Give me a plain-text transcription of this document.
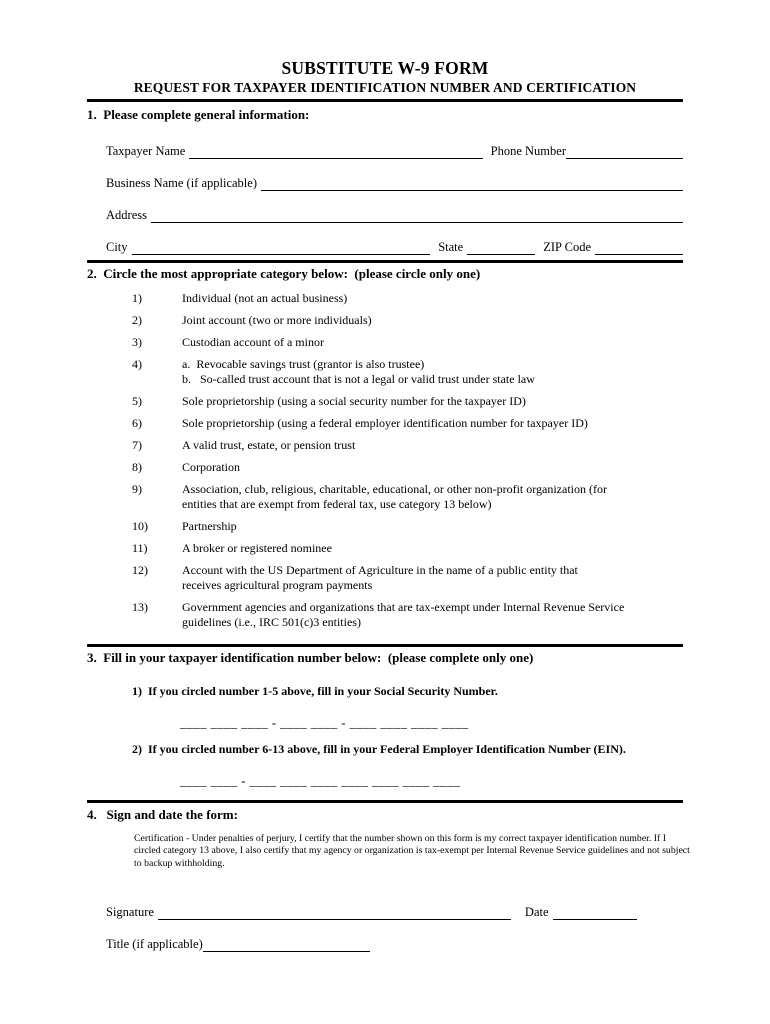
SUBSTITUTE W-9 FORM
REQUEST FOR TAXPAYER IDENTIFICATION NUMBER AND CERTIFICATION
1.  Please complete general information:
Taxpayer Name	Phone Number
Business Name (if applicable)
Address
City	State	ZIP Code
2.  Circle the most appropriate category below:  (please circle only one)
1)	Individual (not an actual business)
2)	Joint account (two or more individuals)
3)	Custodian account of a minor
4)	a.  Revocable savings trust (grantor is also trustee)
b.   So-called trust account that is not a legal or valid trust under state law
5)	Sole proprietorship (using a social security number for the taxpayer ID)
6)	Sole proprietorship (using a federal employer identification number for taxpayer ID)
7)	A valid trust, estate, or pension trust
8)	Corporation
9)	Association, club, religious, charitable, educational, or other non-profit organization (for
entities that are exempt from federal tax, use category 13 below)
10)	Partnership
11)	A broker or registered nominee
12)	Account with the US Department of Agriculture in the name of a public entity that
receives agricultural program payments
13)	Government agencies and organizations that are tax-exempt under Internal Revenue Service
guidelines (i.e., IRC 501(c)3 entities)
3.  Fill in your taxpayer identification number below:  (please complete only one)
1)  If you circled number 1-5 above, fill in your Social Security Number.
____ ____ ____ - ____ ____ - ____ ____ ____ ____
2)  If you circled number 6-13 above, fill in your Federal Employer Identification Number (EIN).
____ ____ - ____ ____ ____ ____ ____ ____ ____
4.   Sign and date the form:
Certification - Under penalties of perjury, I certify that the number shown on this form is my correct taxpayer identification number. If I circled category 13 above, I also certify that my agency or organization is tax-exempt per Internal Revenue Service guidelines and not subject to backup withholding.
Signature	Date
Title (if applicable)
